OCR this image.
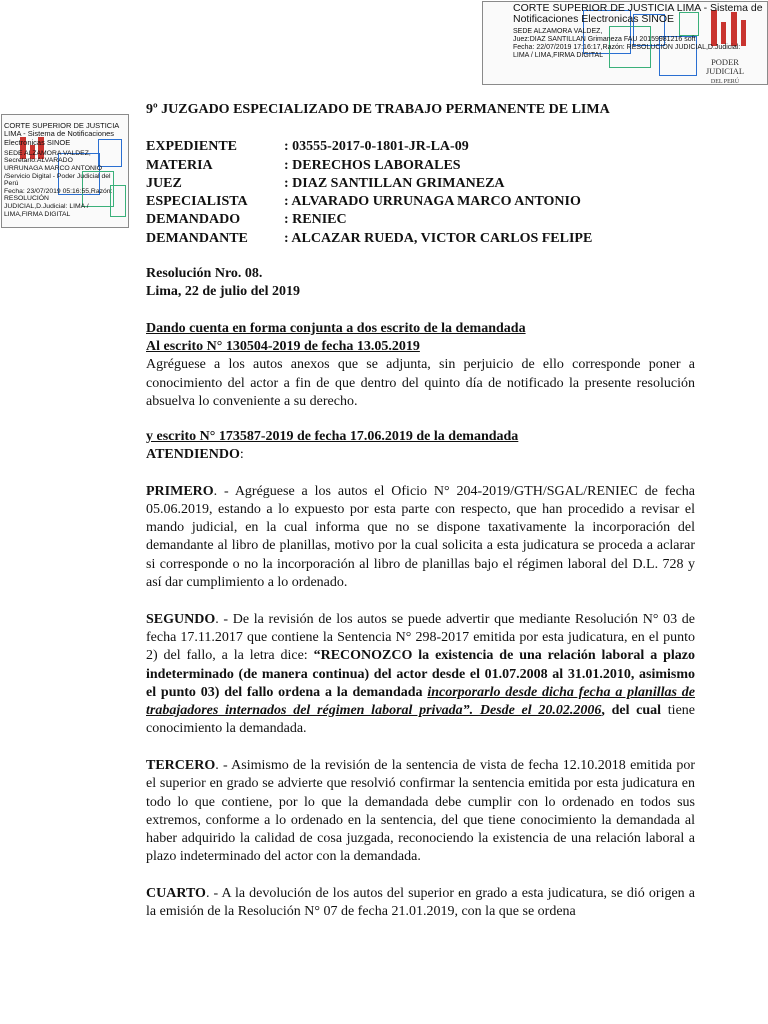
CORTE SUPERIOR DE JUSTICIA LIMA - Sistema de Notificaciones Electronicas SINOE
SEDE ALZAMORA VALDEZ,
Juez:DIAZ SANTILLAN Grimaneza FAU 20159981216 soft
Fecha: 22/07/2019 17:16:17,Razón: RESOLUCIÓN JUDICIAL,D.Judicial:
LIMA / LIMA,FIRMA DIGITAL
PODER JUDICIAL
DEL PERÚ
CORTE SUPERIOR DE JUSTICIA LIMA - Sistema de Notificaciones Electronicas SINOE
SEDE ALZAMORA VALDEZ,
Secretario:ALVARADO
URRUNAGA MARCO ANTONIO
/Servicio Digital - Poder Judicial del Perú
Fecha: 23/07/2019 05:16:55,Razón:
RESOLUCIÓN
JUDICIAL,D.Judicial: LIMA /
LIMA,FIRMA DIGITAL

9º JUZGADO ESPECIALIZADO DE TRABAJO PERMANENTE DE LIMA

EXPEDIENTE	: 03555-2017-0-1801-JR-LA-09
MATERIA	: DERECHOS LABORALES
JUEZ	: DIAZ SANTILLAN GRIMANEZA
ESPECIALISTA	: ALVARADO URRUNAGA MARCO ANTONIO
DEMANDADO	: RENIEC
DEMANDANTE	: ALCAZAR RUEDA, VICTOR CARLOS FELIPE

Resolución Nro. 08.

Lima, 22 de julio del 2019

Dando cuenta en forma conjunta a dos escrito de la demandada

Al escrito N° 130504-2019 de fecha 13.05.2019

Agréguese a los autos anexos que se adjunta, sin perjuicio de ello corresponde poner a conocimiento del actor a fin de que dentro del quinto día de notificado la presente resolución absuelva lo conveniente a su derecho.

y escrito N° 173587-2019 de fecha 17.06.2019 de la demandada

ATENDIENDO:

PRIMERO. - Agréguese a los autos el Oficio N° 204-2019/GTH/SGAL/RENIEC de fecha 05.06.2019, estando a lo expuesto por esta parte con respecto, que han procedido a revisar el mando judicial, en la cual informa que no se dispone taxativamente la incorporación del demandante al libro de planillas, motivo por la cual solicita a esta judicatura se proceda a aclarar si corresponde o no la incorporación al libro de planillas bajo el régimen laboral del D.L. 728 y así dar cumplimiento a lo ordenado.

SEGUNDO. - De la revisión de los autos se puede advertir que mediante Resolución N° 03 de fecha 17.11.2017 que contiene la Sentencia N° 298-2017 emitida por esta judicatura, en el punto 2) del fallo, a la letra dice: “RECONOZCO la existencia de una relación laboral a plazo indeterminado (de manera continua) del actor desde el 01.07.2008 al 31.01.2010, asimismo el punto 03) del fallo ordena a la demandada incorporarlo desde dicha fecha a planillas de trabajadores internados del régimen laboral privada”. Desde el 20.02.2006, del cual tiene conocimiento la demandada.

TERCERO. - Asimismo de la revisión de la sentencia de vista de fecha 12.10.2018 emitida por el superior en grado se advierte que resolvió confirmar la sentencia emitida por esta judicatura en todo lo que contiene, por lo que la demandada debe cumplir con lo ordenado en todos sus extremos, conforme a lo ordenado en la sentencia, del que tiene conocimiento la demandada al haber adquirido la calidad de cosa juzgada, reconociendo la existencia de una relación laboral a plazo indeterminado del actor con la demandada.

CUARTO. - A la devolución de los autos del superior en grado a esta judicatura, se dió origen a la emisión de la Resolución N° 07 de fecha 21.01.2019, con la que se ordena
